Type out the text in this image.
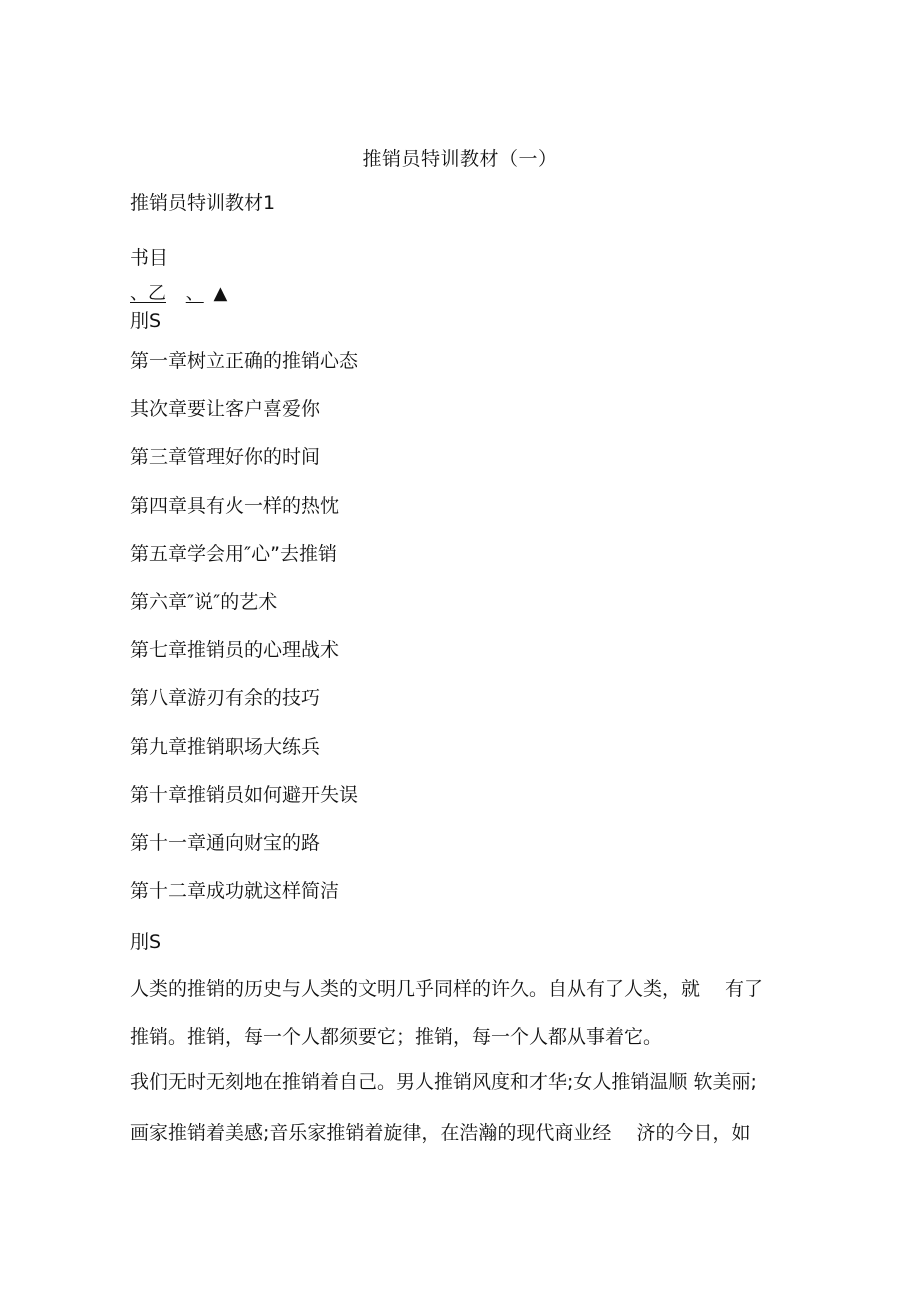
推销员特训教材（一）
推销员特训教材1
书目
、乙 、 ▲
刖S
第一章树立正确的推销心态
其次章要让客户喜爱你
第三章管理好你的时间
第四章具有火一样的热忱
第五章学会用″心”去推销
第六章″说″的艺术
第七章推销员的心理战术
第八章游刃有余的技巧
第九章推销职场大练兵
第十章推销员如何避开失误
第十一章通向财宝的路
第十二章成功就这样简洁
刖S
人类的推销的历史与人类的文明几乎同样的许久。自从有了人类，就　 有了
推销。推销，每一个人都须要它；推销，每一个人都从事着它。
我们无时无刻地在推销着自己。男人推销风度和才华;女人推销温顺 软美丽;
画家推销着美感;音乐家推销着旋律，在浩瀚的现代商业经　 济的今日，如
